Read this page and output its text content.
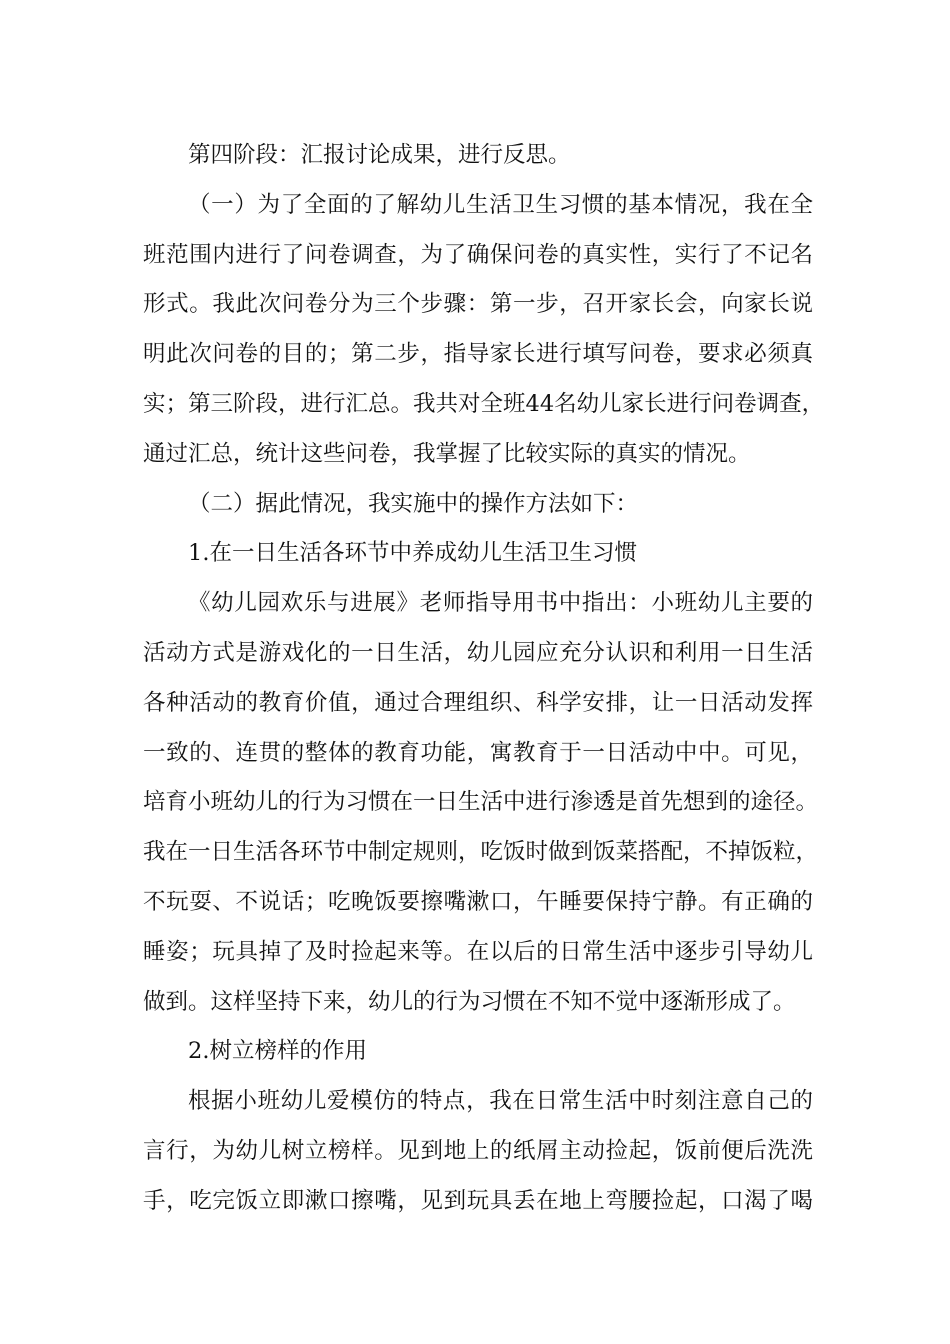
第四阶段：汇报讨论成果，进行反思。
（一）为了全面的了解幼儿生活卫生习惯的基本情况，我在全
班范围内进行了问卷调查，为了确保问卷的真实性，实行了不记名
形式。我此次问卷分为三个步骤：第一步，召开家长会，向家长说
明此次问卷的目的；第二步，指导家长进行填写问卷，要求必须真
实；第三阶段，进行汇总。我共对全班44名幼儿家长进行问卷调查，
通过汇总，统计这些问卷，我掌握了比较实际的真实的情况。
（二）据此情况，我实施中的操作方法如下：
1.在一日生活各环节中养成幼儿生活卫生习惯
《幼儿园欢乐与进展》老师指导用书中指出：小班幼儿主要的
活动方式是游戏化的一日生活，幼儿园应充分认识和利用一日生活
各种活动的教育价值，通过合理组织、科学安排，让一日活动发挥
一致的、连贯的整体的教育功能，寓教育于一日活动中中。可见，
培育小班幼儿的行为习惯在一日生活中进行渗透是首先想到的途径。
我在一日生活各环节中制定规则，吃饭时做到饭菜搭配，不掉饭粒，
不玩耍、不说话；吃晚饭要擦嘴漱口，午睡要保持宁静。有正确的
睡姿；玩具掉了及时捡起来等。在以后的日常生活中逐步引导幼儿
做到。这样坚持下来，幼儿的行为习惯在不知不觉中逐渐形成了。
2.树立榜样的作用
根据小班幼儿爱模仿的特点，我在日常生活中时刻注意自己的
言行，为幼儿树立榜样。见到地上的纸屑主动捡起，饭前便后洗洗
手，吃完饭立即漱口擦嘴，见到玩具丢在地上弯腰捡起，口渴了喝
